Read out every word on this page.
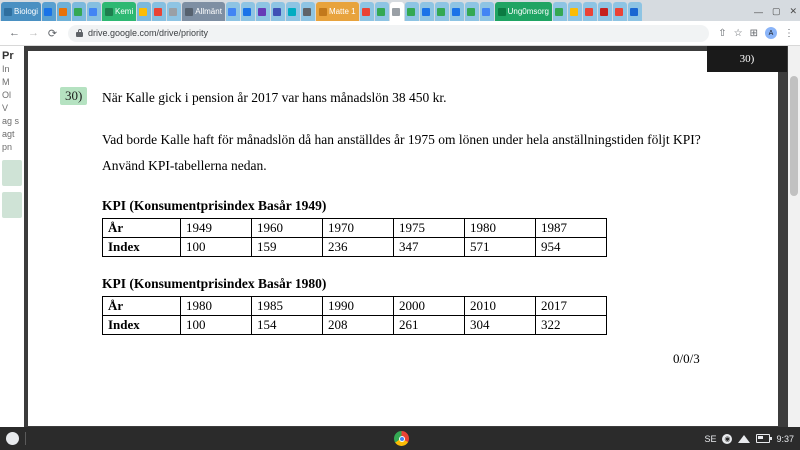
Biologi	Kemi	Allmänt	Matte 1	Ung0msorg	— ▢ ✕
← → ⟳	drive.google.com/drive/priority	⇧ ☆ ⊞	A	⋮
Pr
In
M
Ol
V
ag s
agt
pn
30)	När Kalle gick i pension år 2017 var hans månadslön 38 450 kr.

Vad borde Kalle haft för månadslön då han anställdes år 1975 om lönen under hela anställningstiden följt KPI?

Använd KPI-tabellerna nedan.

KPI (Konsumentprisindex Basår 1949)
År	1949	1960	1970	1975	1980	1987
Index	100	159	236	347	571	954
KPI (Konsumentprisindex Basår 1980)
År	1980	1985	1990	2000	2010	2017
Index	100	154	208	261	304	322
0/0/3
30)
SE ◉	9:37
